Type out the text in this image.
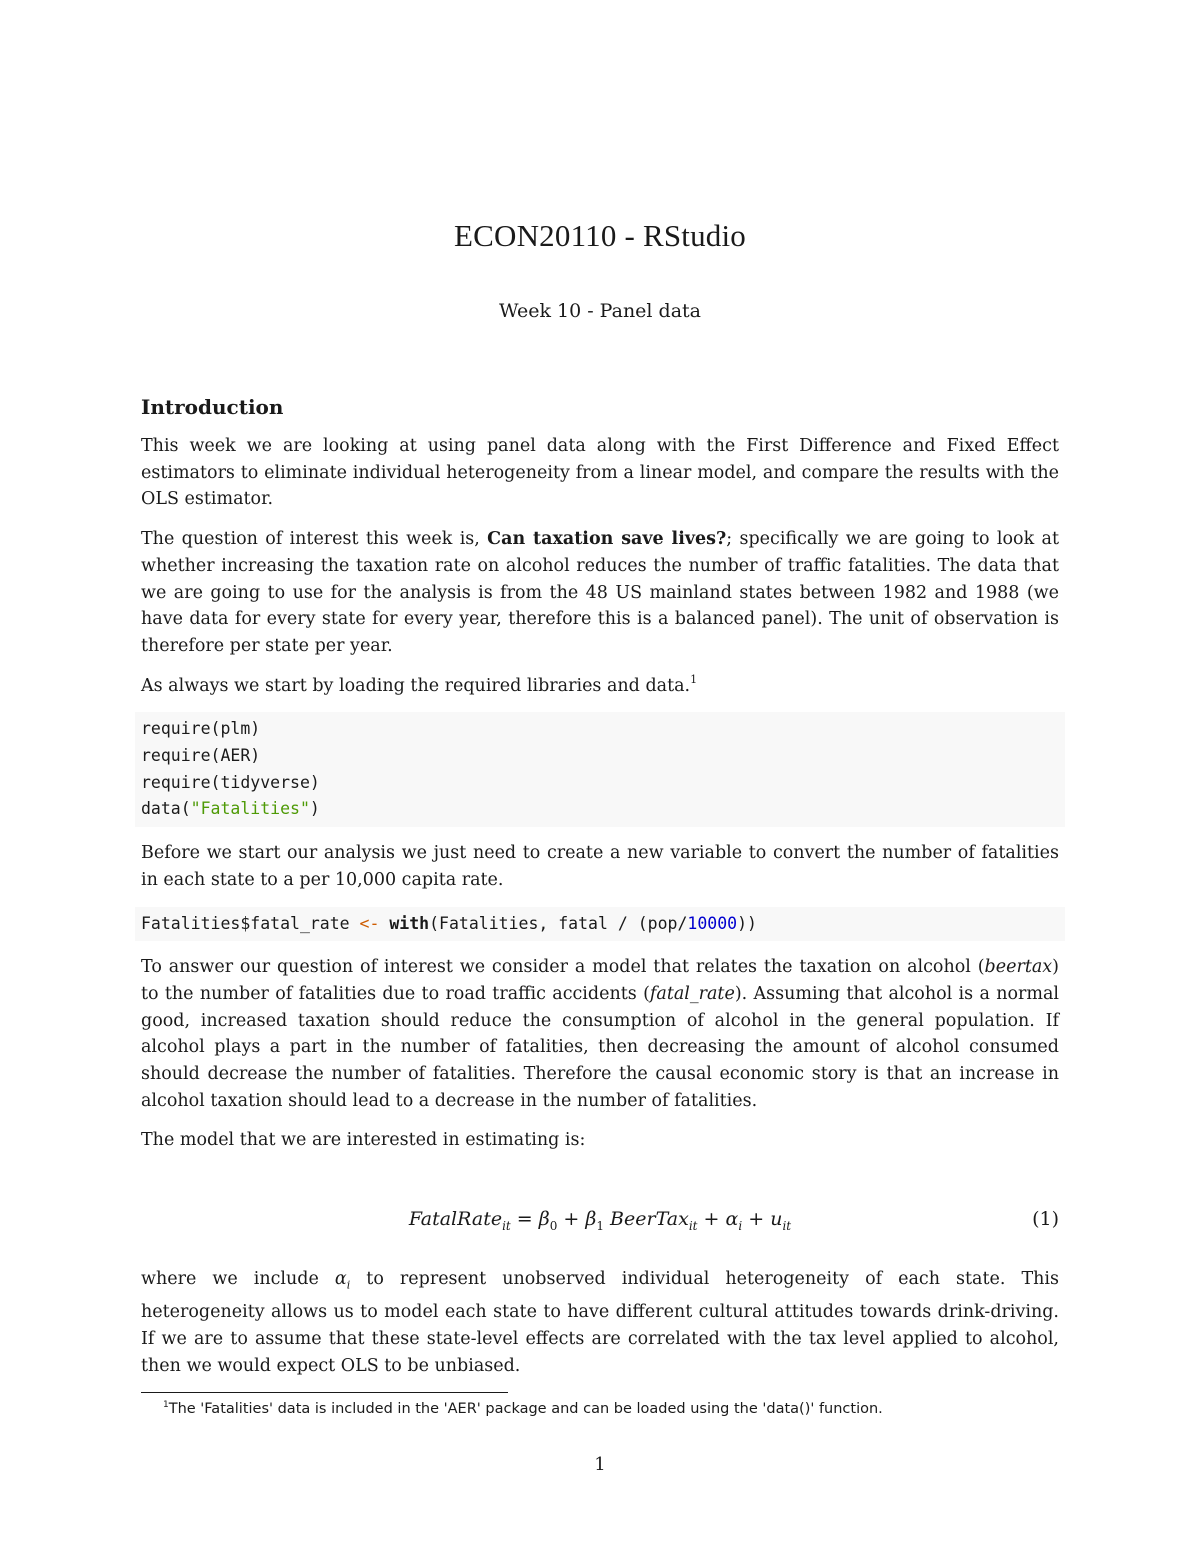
ECON20110 - RStudio
Week 10 - Panel data
Introduction

This week we are looking at using panel data along with the First Difference and Fixed Effect estimators to eliminate individual heterogeneity from a linear model, and compare the results with the OLS estimator.

The question of interest this week is, Can taxation save lives?; specifically we are going to look at whether increasing the taxation rate on alcohol reduces the number of traffic fatalities. The data that we are going to use for the analysis is from the 48 US mainland states between 1982 and 1988 (we have data for every state for every year, therefore this is a balanced panel). The unit of observation is therefore per state per year.

As always we start by loading the required libraries and data.$^1$

require(plm)
require(AER)
require(tidyverse)
data("Fatalities")

Before we start our analysis we just need to create a new variable to convert the number of fatalities in each state to a per 10,000 capita rate.

Fatalities$fatal_rate <- with(Fatalities, fatal / (pop/10000))

To answer our question of interest we consider a model that relates the taxation on alcohol (beertax) to the number of fatalities due to road traffic accidents (fatal_rate). Assuming that alcohol is a normal good, increased taxation should reduce the consumption of alcohol in the general population. If alcohol plays a part in the number of fatalities, then decreasing the amount of alcohol consumed should decrease the number of fatalities. Therefore the causal economic story is that an increase in alcohol taxation should lead to a decrease in the number of fatalities.

The model that we are interested in estimating is:

FatalRate$_{it}$ = $\beta_0 + \beta_1$ BeerTax$_{it}$ + $\alpha_i + u_{it}$	(1)

where we include $\alpha_i$ to represent unobserved individual heterogeneity of each state. This heterogeneity allows us to model each state to have different cultural attitudes towards drink-driving. If we are to assume that these state-level effects are correlated with the tax level applied to alcohol, then we would expect OLS to be unbiased.

$^1$The 'Fatalities' data is included in the 'AER' package and can be loaded using the 'data()' function.
1
